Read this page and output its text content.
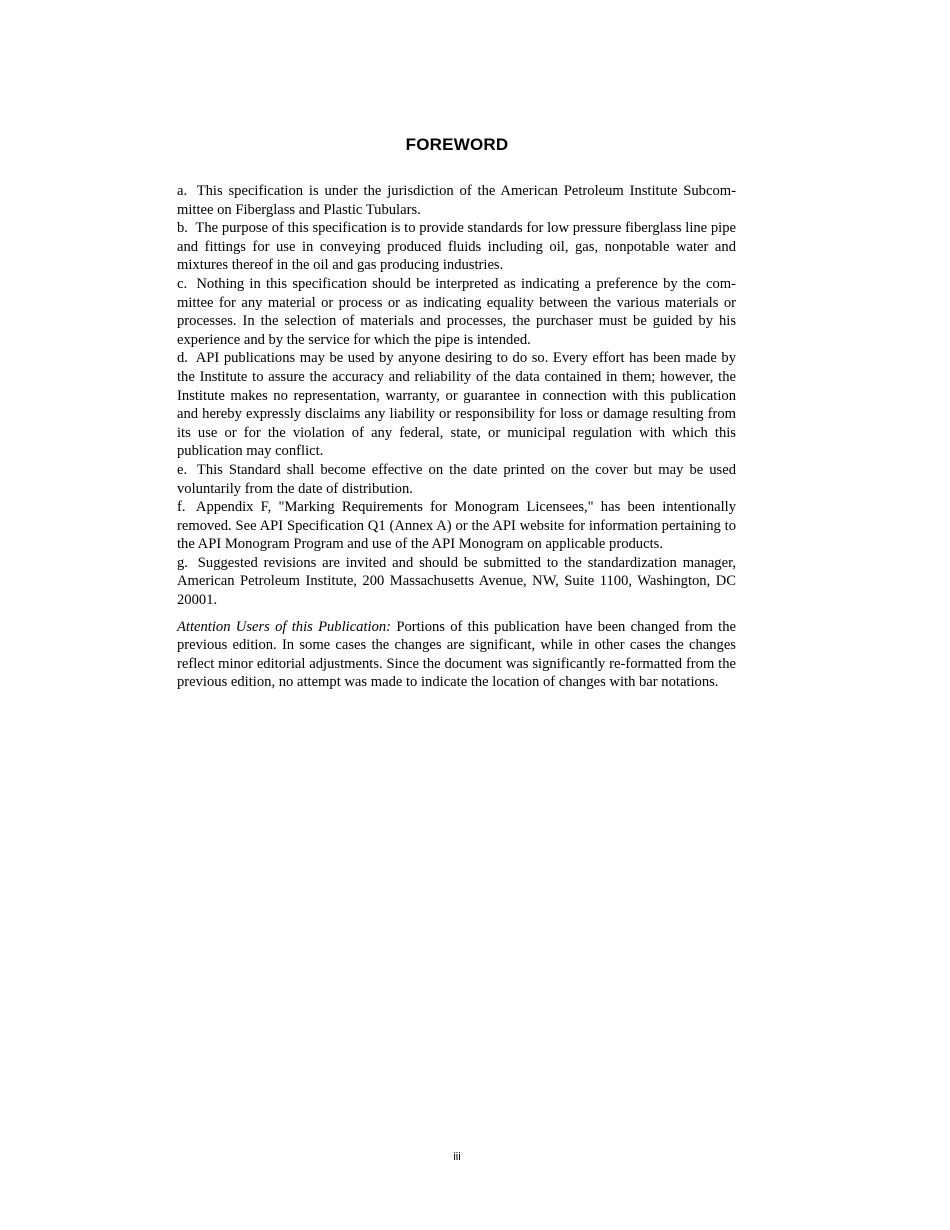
FOREWORD

a. This specification is under the jurisdiction of the American Petroleum Institute Subcommittee on Fiberglass and Plastic Tubulars.

b. The purpose of this specification is to provide standards for low pressure fiberglass line pipe and fittings for use in conveying produced fluids including oil, gas, nonpotable water and mixtures thereof in the oil and gas producing industries.

c. Nothing in this specification should be interpreted as indicating a preference by the committee for any material or process or as indicating equality between the various materials or processes. In the selection of materials and processes, the purchaser must be guided by his experience and by the service for which the pipe is intended.

d. API publications may be used by anyone desiring to do so. Every effort has been made by the Institute to assure the accuracy and reliability of the data contained in them; however, the Institute makes no representation, warranty, or guarantee in connection with this publication and hereby expressly disclaims any liability or responsibility for loss or damage resulting from its use or for the violation of any federal, state, or municipal regulation with which this publication may conflict.

e. This Standard shall become effective on the date printed on the cover but may be used voluntarily from the date of distribution.

f. Appendix F, "Marking Requirements for Monogram Licensees," has been intentionally removed. See API Specification Q1 (Annex A) or the API website for information pertaining to the API Monogram Program and use of the API Monogram on applicable products.

g. Suggested revisions are invited and should be submitted to the standardization manager, American Petroleum Institute, 200 Massachusetts Avenue, NW, Suite 1100, Washington, DC 20001.

Attention Users of this Publication: Portions of this publication have been changed from the previous edition. In some cases the changes are significant, while in other cases the changes reflect minor editorial adjustments. Since the document was significantly re-formatted from the previous edition, no attempt was made to indicate the location of changes with bar notations.

iii
